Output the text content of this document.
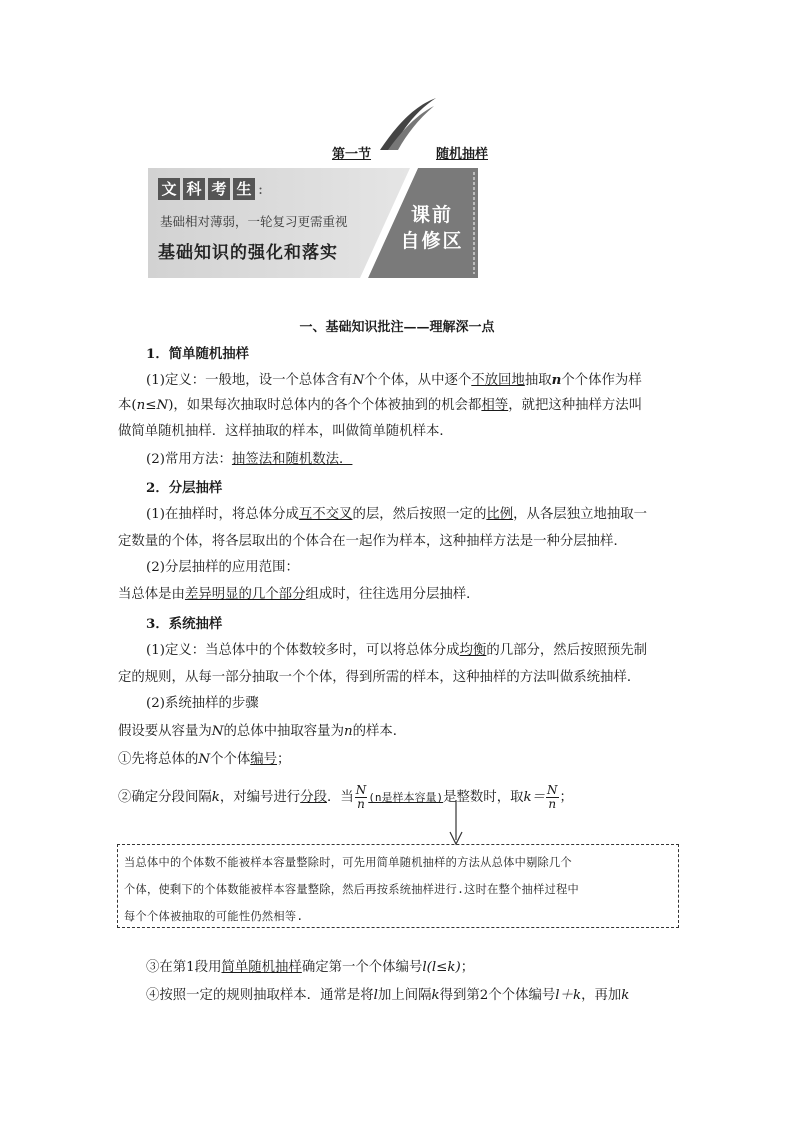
第一节	随机抽样
文 科 考 生 :
基础相对薄弱，一轮复习更需重视
基础知识的强化和落实
课前
自修区
一、基础知识批注——理解深一点
1．简单随机抽样
(1)定义：一般地，设一个总体含有N个个体，从中逐个不放回地抽取n个个体作为样
本(n≤N)，如果每次抽取时总体内的各个个体被抽到的机会都相等，就把这种抽样方法叫
做简单随机抽样．这样抽取的样本，叫做简单随机样本．
(2)常用方法：抽签法和随机数法．
2．分层抽样
(1)在抽样时，将总体分成互不交叉的层，然后按照一定的比例，从各层独立地抽取一
定数量的个体，将各层取出的个体合在一起作为样本，这种抽样方法是一种分层抽样．
(2)分层抽样的应用范围：
当总体是由差异明显的几个部分组成时，往往选用分层抽样．
3．系统抽样
(1)定义：当总体中的个体数较多时，可以将总体分成均衡的几部分，然后按照预先制
定的规则，从每一部分抽取一个个体，得到所需的样本，这种抽样的方法叫做系统抽样．
(2)系统抽样的步骤
假设要从容量为N的总体中抽取容量为n的样本．
①先将总体的N个个体编号；
②确定分段间隔k，对编号进行分段．当 $\frac{N}{n} (n$是样本容量)是整数时，取$k= \frac{N}{n}$ ；
当总体中的个体数不能被样本容量整除时，可先用简单随机抽样的方法从总体中剔除几个
个体，使剩下的个体数能被样本容量整除，然后再按系统抽样进行.这时在整个抽样过程中
每个个体被抽取的可能性仍然相等.
③在第1段用简单随机抽样确定第一个个体编号l(l≤k)；
④按照一定的规则抽取样本．通常是将l加上间隔k得到第2个个体编号l＋k，再加k
